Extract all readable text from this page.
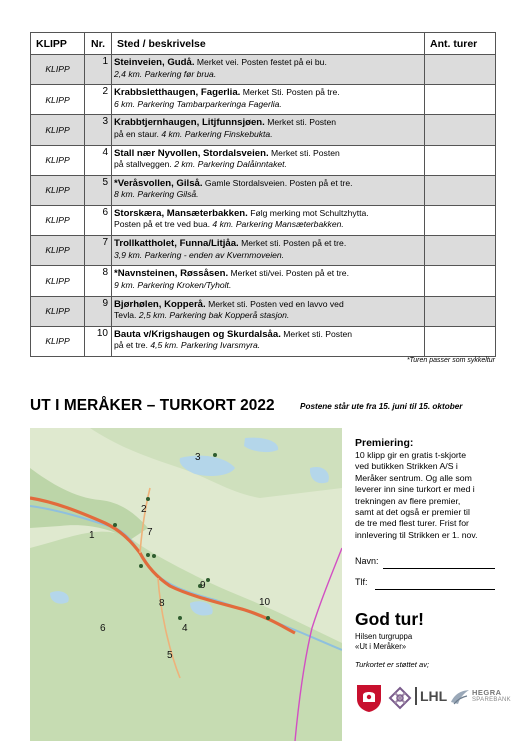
KLIPP	Nr.	Sted / beskrivelse	Ant. turer
KLIPP	1	Steinveien, Gudå. Merket vei. Posten festet på ei bu.
2,4 km. Parkering før brua.	
KLIPP	2	Krabbsletthaugen, Fagerlia. Merket Sti. Posten på tre.
6 km. Parkering Tambarparkeringa Fagerlia.	
KLIPP	3	Krabbtjernhaugen, Litjfunnsjøen. Merket sti. Posten
på en staur. 4 km. Parkering Finskebukta.	
KLIPP	4	Stall nær Nyvollen, Stordalsveien. Merket sti. Posten
på stallveggen. 2 km. Parkering Dalåinntaket.	
KLIPP	5	*Veråsvollen, Gilså. Gamle Stordalsveien. Posten på et tre.
8 km. Parkering Gilså.	
KLIPP	6	Storskæra, Mansæterbakken. Følg merking mot Schultzhytta.
Posten på et tre ved bua. 4 km. Parkering Mansæterbakken.	
KLIPP	7	Trollkattholet, Funna/Litjåa. Merket sti. Posten på et tre.
3,9 km. Parkering - enden av Kvernmoveien.	
KLIPP	8	*Navnsteinen, Røssåsen. Merket sti/vei. Posten på et tre.
9 km. Parkering Kroken/Tyholt.	
KLIPP	9	Bjørhølen, Kopperå. Merket sti. Posten ved en lavvo ved
Tevla. 2,5 km. Parkering bak Kopperå stasjon.	
KLIPP	10	Bauta v/Krigshaugen og Skurdalsåa. Merket sti. Posten
på et tre. 4,5 km. Parkering Ivarsmyra.	
*Turen passer som sykkeltur
UT I MERÅKER – TURKORT 2022	Postene står ute fra 15. juni til 15. oktober
1
2
3
4
5
6
7
8
9
10
Premiering:
10 klipp gir en gratis t-skjorte
ved butikken Strikken A/S i
Meråker sentrum. Og alle som
leverer inn sine turkort er med i
trekningen av flere premier,
samt at det også er premier til
de tre med flest turer. Frist for
innlevering til Strikken er 1. nov.
Navn:
Tlf:
God tur!
Hilsen turgruppa
«Ut i Meråker»
Turkortet er støttet av;
LHL	HEGRA
SPAREBANK
